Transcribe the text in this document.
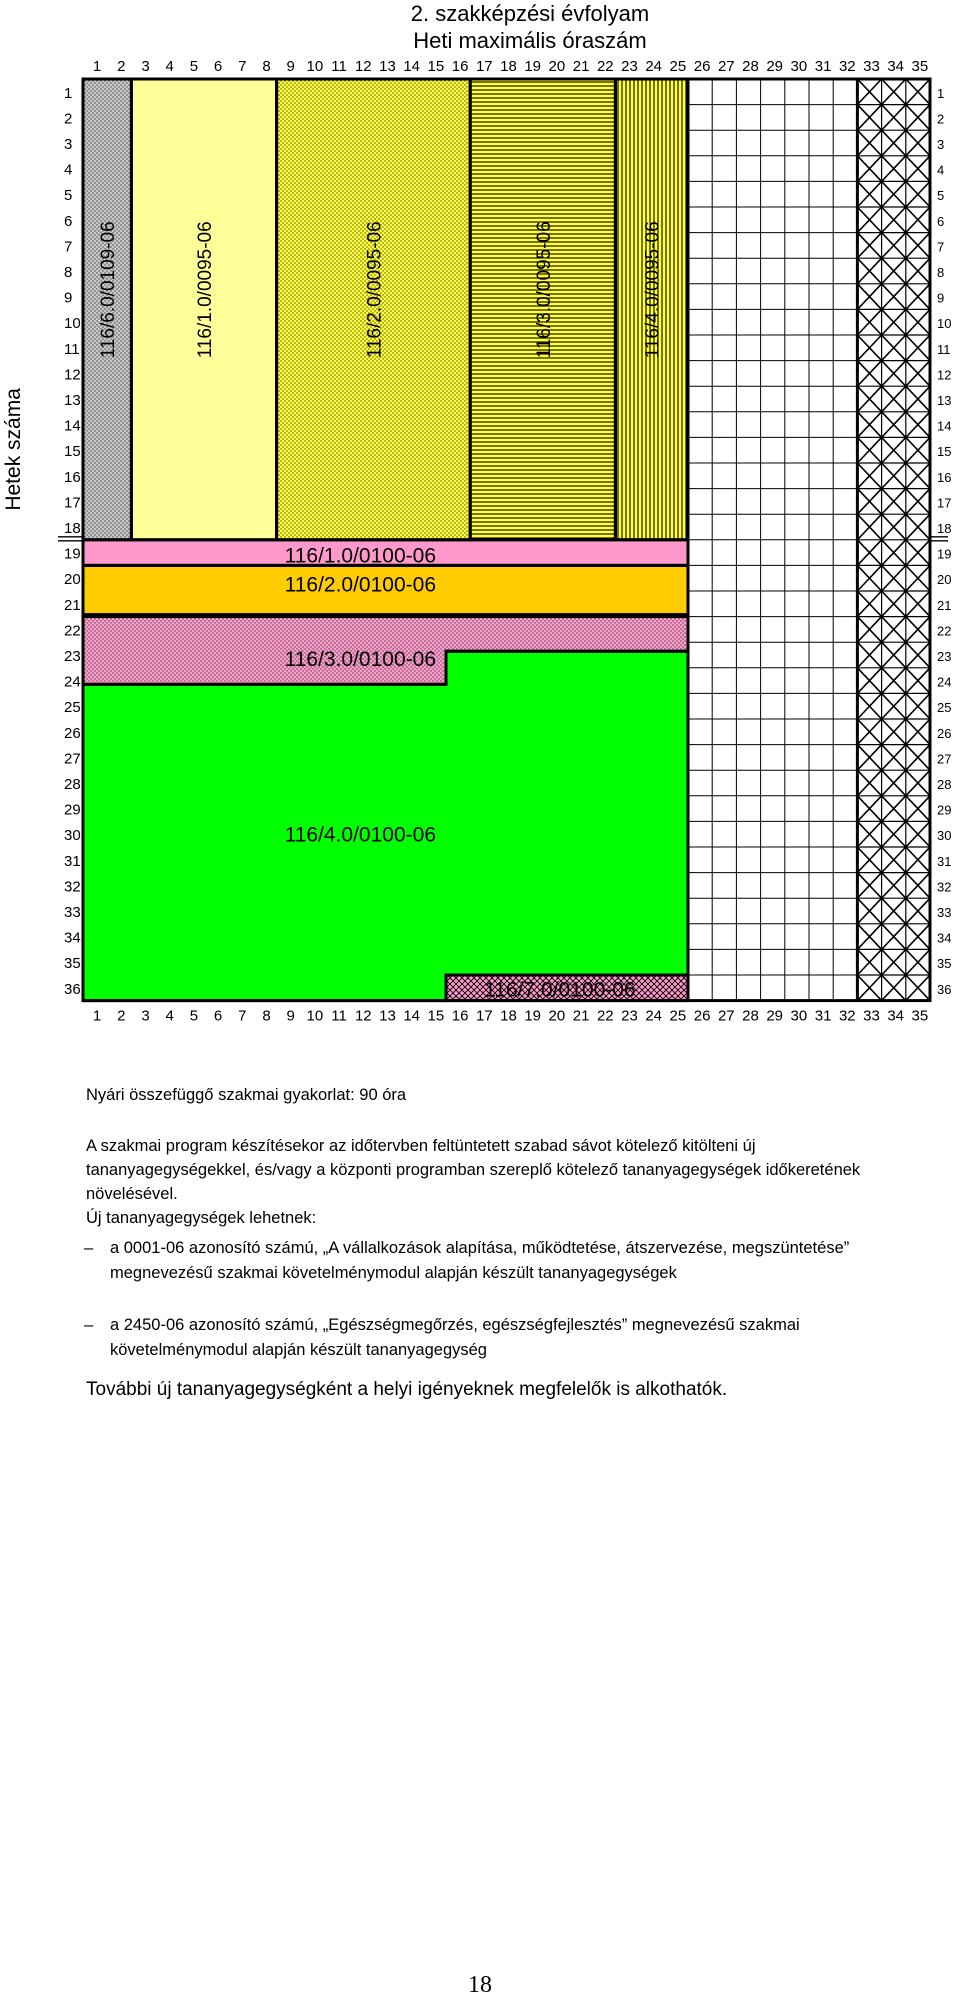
2. szakképzési évfolyam
Heti maximális óraszám
116/6.0/0109-06	116/1.0/0095-06	116/2.0/0095-06	116/3.0/0095-06	116/4.0/0095-06
116/1.0/0100-06
116/2.0/0100-06
116/3.0/0100-06
116/4.0/0100-06
116/7.0/0100-06
1
1
2
2
3
3
4
4
5
5
6
6
7
7
8
8
9
9
10
10
11
11
12
12
13
13
14
14
15
15
16
16
17
17
18
18
19
19
20
20
21
21
22
22
23
23
24
24
25
25
26
26
27
27
28
28
29
29
30
30
31
31
32
32
33
33
34
34
35
35
1	1
2	2
3	3
4	4
5	5
6	6
7	7
8	8
9	9
10	10
11	11
12	12
13	13
14	14
15	15
16	16
17	17
18	18
19	19
20	20
21	21
22	22
23	23
24	24
25	25
26	26
27	27
28	28
29	29
30	30
31	31
32	32
33	33
34	34
35	35
36	36
Hetek száma
Nyári összefüggő szakmai gyakorlat: 90 óra
A szakmai program készítésekor az időtervben feltüntetett szabad sávot kötelező kitölteni új tananyagegységekkel, és/vagy a központi programban szereplő kötelező tananyagegységek időkeretének növelésével.
Új tananyagegységek lehetnek:
– a 0001-06 azonosító számú, „A vállalkozások alapítása, működtetése, átszervezése, megszüntetése” megnevezésű szakmai követelménymodul alapján készült tananyagegységek
– a 2450-06 azonosító számú, „Egészségmegőrzés, egészségfejlesztés” megnevezésű szakmai követelménymodul alapján készült tananyagegység
További új tananyagegységként a helyi igényeknek megfelelők is alkothatók.
18
